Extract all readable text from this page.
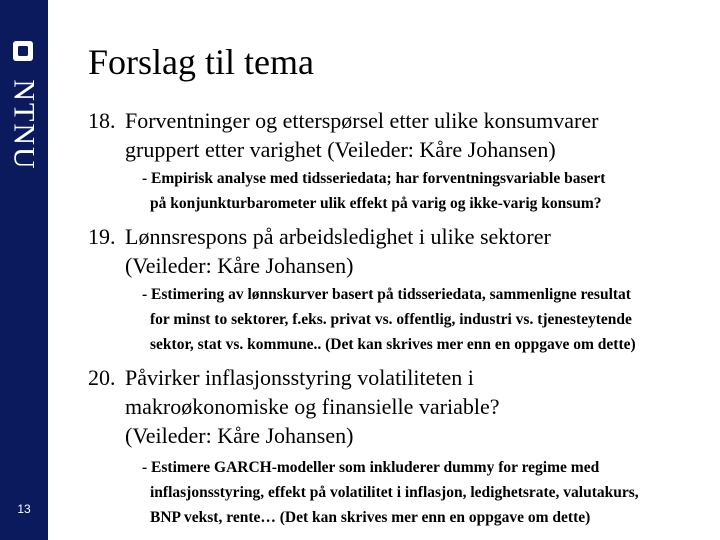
NTNU
13
Forslag til tema
18. Forventninger og etterspørsel etter ulike konsumvarer
gruppert etter varighet (Veileder: Kåre Johansen)
- Empirisk analyse med tidsseriedata; har forventningsvariable basert
på konjunkturbarometer ulik effekt på varig og ikke-varig konsum?
19. Lønnsrespons på arbeidsledighet i ulike sektorer
(Veileder: Kåre Johansen)
- Estimering av lønnskurver basert på tidsseriedata, sammenligne resultat
for minst to sektorer, f.eks. privat vs. offentlig, industri vs. tjenesteytende
sektor, stat vs. kommune.. (Det kan skrives mer enn en oppgave om dette)
20. Påvirker inflasjonsstyring volatiliteten i
makroøkonomiske og finansielle variable?
(Veileder: Kåre Johansen)
- Estimere GARCH-modeller som inkluderer dummy for regime med
inflasjonsstyring, effekt på volatilitet i inflasjon, ledighetsrate, valutakurs,
BNP vekst, rente… (Det kan skrives mer enn en oppgave om dette)
